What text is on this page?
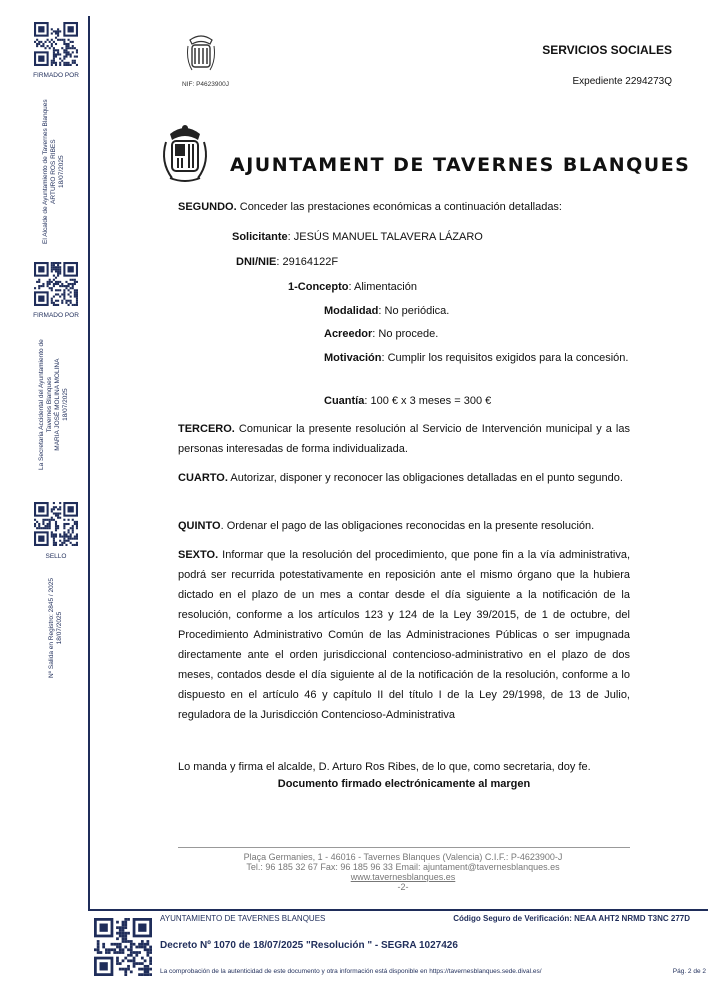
FIRMADO POR
El Alcalde de Ayuntamiento de Tavernes Blanques ARTURO ROS RIBES 18/07/2025
FIRMADO POR
La Secretaria Accidental del Ayuntamiento de Tavernes Blanques MARIA JOSÉ MOLINA MOLINA 18/07/2025
SELLO
Nº Salida en Registro: 2845 / 2025 18/07/2025
NIF: P4623900J
SERVICIOS SOCIALES
Expediente 2294273Q
AJUNTAMENT DE TAVERNES BLANQUES
SEGUNDO. Conceder las prestaciones económicas a continuación detalladas:
Solicitante: JESÚS MANUEL TALAVERA LÁZARO
DNI/NIE: 29164122F
1-Concepto: Alimentación
Modalidad: No periódica.
Acreedor: No procede.
Motivación: Cumplir los requisitos exigidos para la concesión.
Cuantía: 100 € x 3 meses = 300 €
TERCERO. Comunicar la presente resolución al Servicio de Intervención municipal y a las personas interesadas de forma individualizada.
CUARTO. Autorizar, disponer y reconocer las obligaciones detalladas en el punto segundo.
QUINTO. Ordenar el pago de las obligaciones reconocidas en la presente resolución.
SEXTO. Informar que la resolución del procedimiento, que pone fin a la vía administrativa, podrá ser recurrida potestativamente en reposición ante el mismo órgano que la hubiera dictado en el plazo de un mes a contar desde el día siguiente a la notificación de la resolución, conforme a los artículos 123 y 124 de la Ley 39/2015, de 1 de octubre, del Procedimiento Administrativo Común de las Administraciones Públicas o ser impugnada directamente ante el orden jurisdiccional contencioso-administrativo en el plazo de dos meses, contados desde el día siguiente al de la notificación de la resolución, conforme a lo dispuesto en el artículo 46 y capítulo II del título I de la Ley 29/1998, de 13 de Julio, reguladora de la Jurisdicción Contencioso-Administrativa
Lo manda y firma el alcalde, D. Arturo Ros Ribes, de lo que, como secretaria, doy fe.
Documento firmado electrónicamente al margen
Plaça Germanies, 1 - 46016 - Tavernes Blanques (Valencia) C.I.F.: P-4623900-J
Tel.: 96 185 32 67 Fax: 96 185 96 33 Email: ajuntament@tavernesblanques.es
www.tavernesblanques.es
-2-
AYUNTAMIENTO DE TAVERNES BLANQUES	Código Seguro de Verificación: NEAA AHT2 NRMD T3NC 277D
Decreto Nº 1070 de 18/07/2025 "Resolución " - SEGRA 1027426
La comprobación de la autenticidad de este documento y otra información está disponible en https://tavernesblanques.sede.dival.es/	Pág. 2 de 2
